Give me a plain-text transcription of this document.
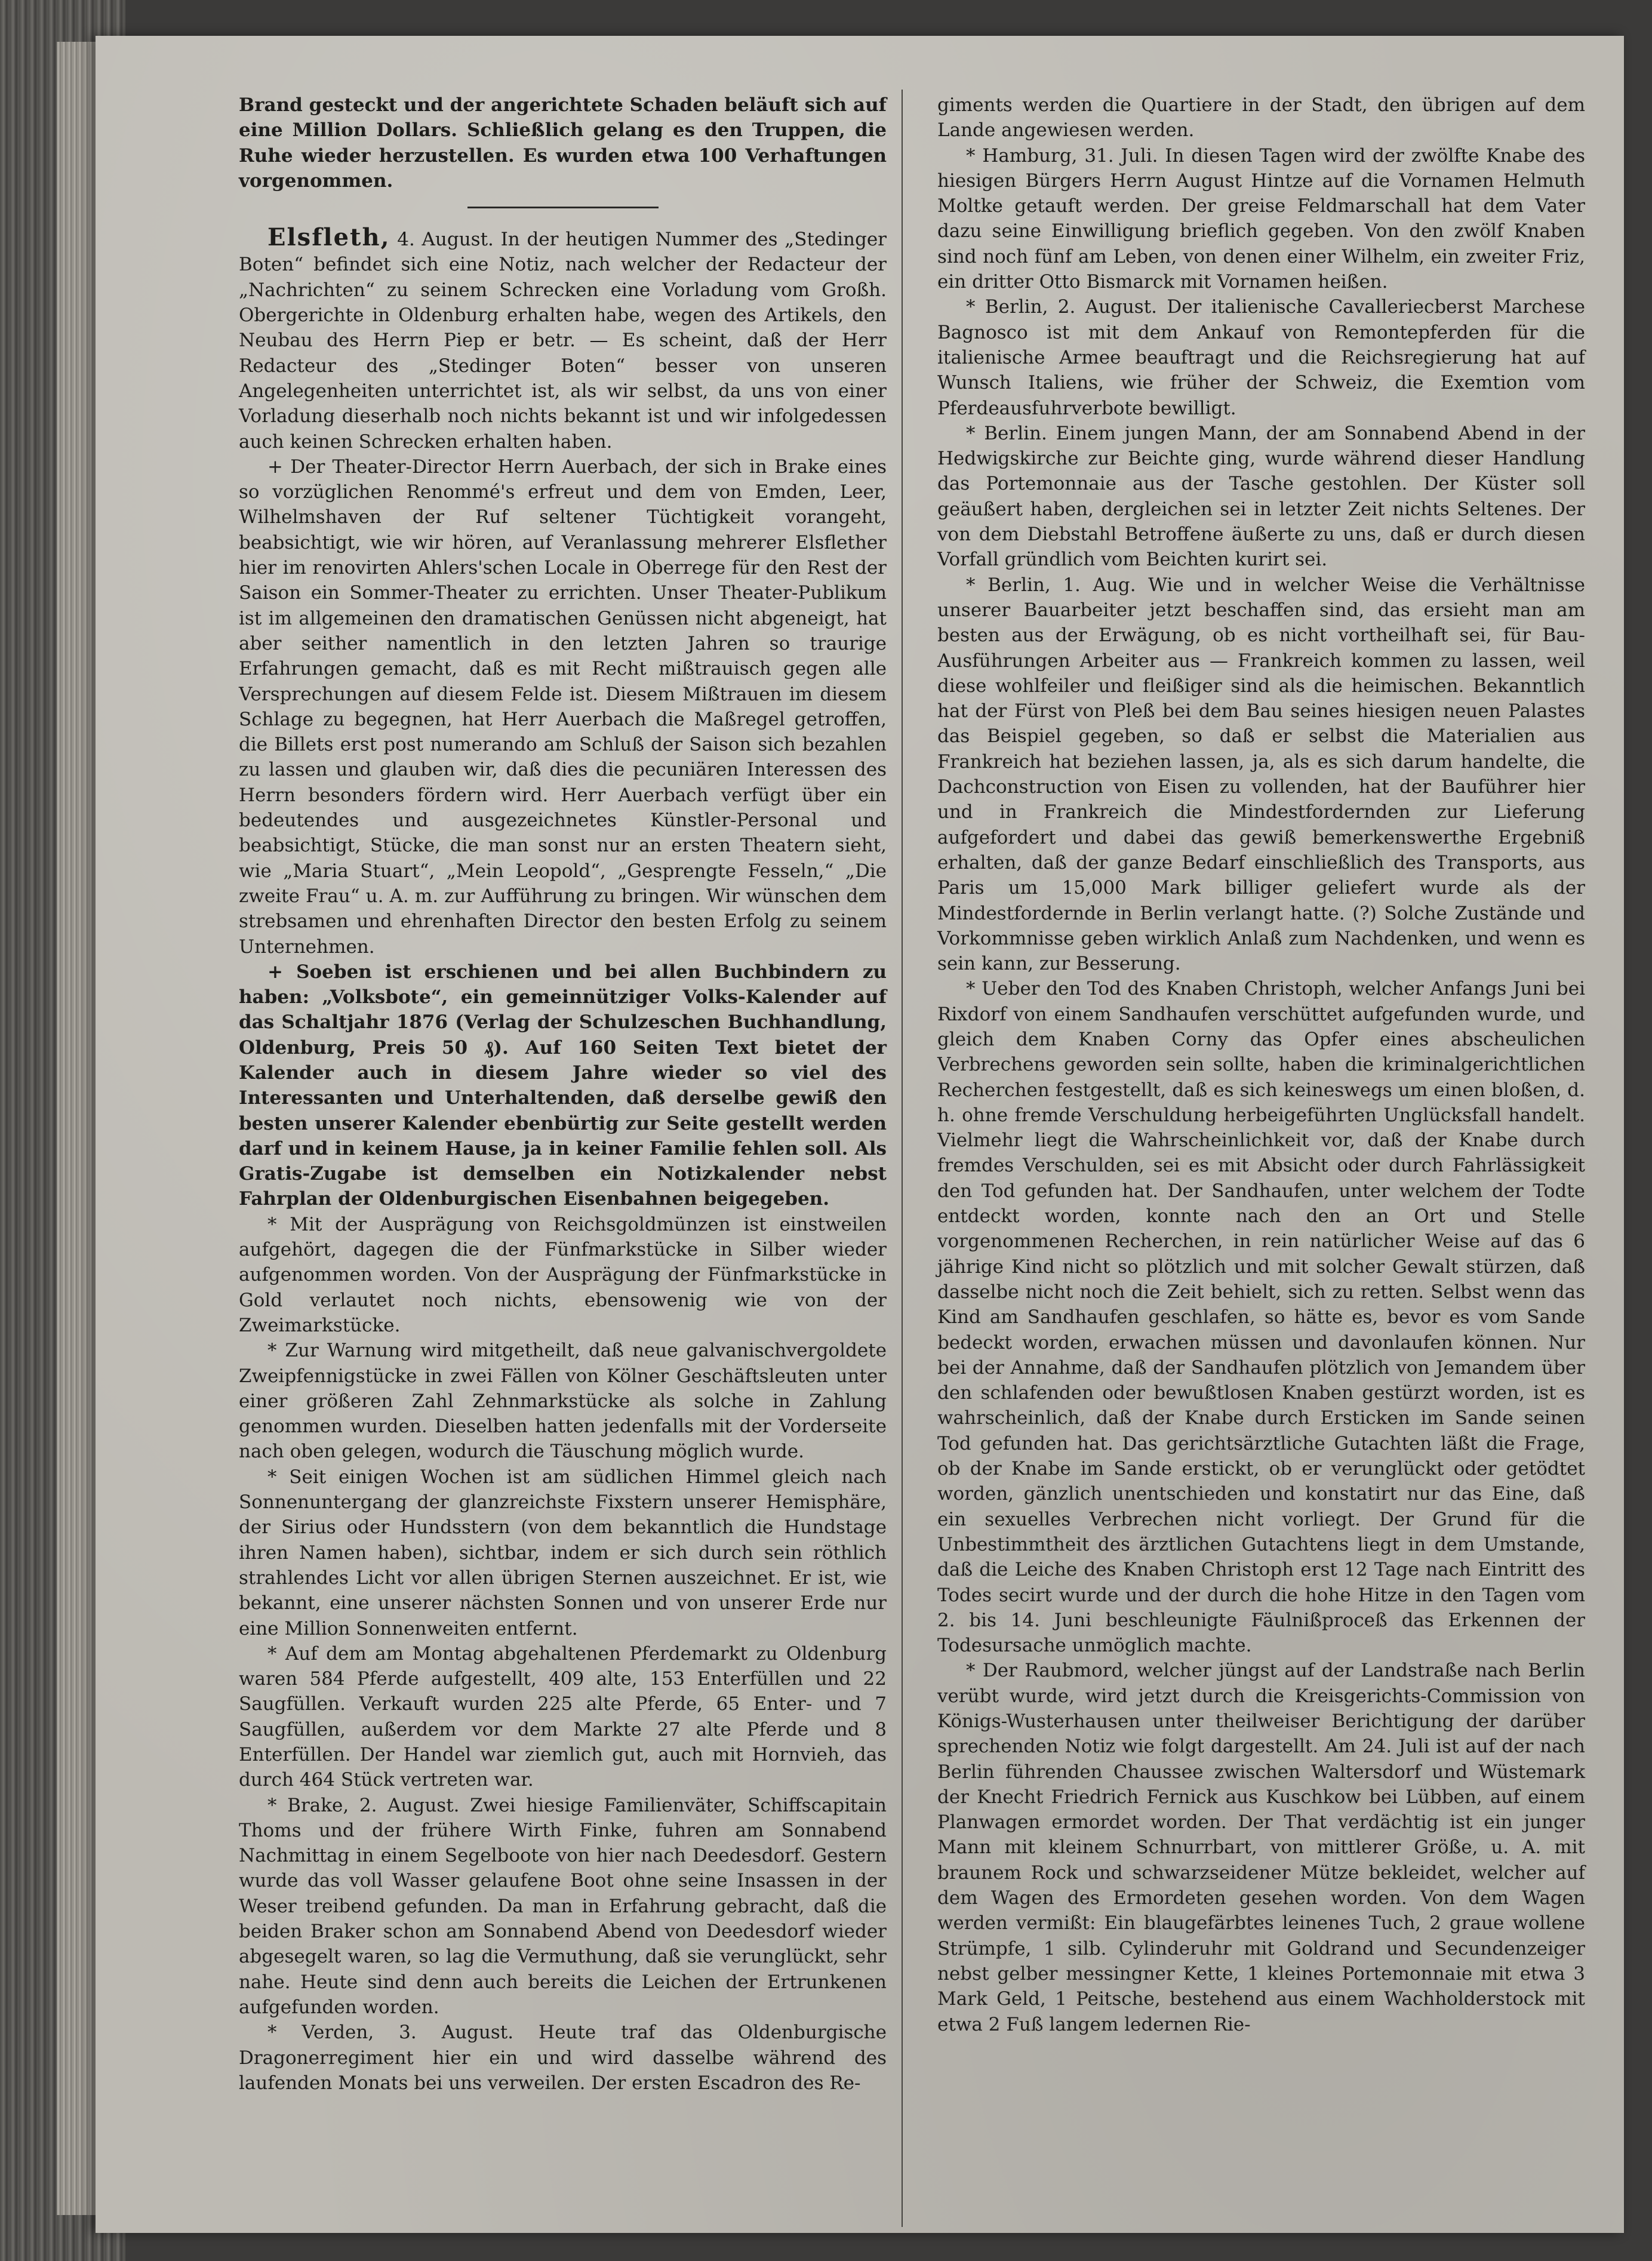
Brand gesteckt und der angerichtete Schaden beläuft sich auf eine Million Dollars. Schließlich gelang es den Truppen, die Ruhe wieder herzustellen. Es wurden etwa 100 Verhaftungen vorgenommen.

Elsfleth, 4. August. In der heutigen Nummer des „Stedinger Boten“ befindet sich eine Notiz, nach welcher der Redacteur der „Nachrichten“ zu seinem Schrecken eine Vorladung vom Großh. Obergerichte in Oldenburg erhalten habe, wegen des Artikels, den Neubau des Herrn Piep er betr. — Es scheint, daß der Herr Redacteur des „Stedinger Boten“ besser von unseren Angelegenheiten unterrichtet ist, als wir selbst, da uns von einer Vorladung dieserhalb noch nichts bekannt ist und wir infolgedessen auch keinen Schrecken erhalten haben.

+ Der Theater-Director Herrn Auerbach, der sich in Brake eines so vorzüglichen Renommé's erfreut und dem von Emden, Leer, Wilhelmshaven der Ruf seltener Tüchtigkeit vorangeht, beabsichtigt, wie wir hören, auf Veranlassung mehrerer Elsflether hier im renovirten Ahlers'schen Locale in Oberrege für den Rest der Saison ein Sommer-Theater zu errichten. Unser Theater-Publikum ist im allgemeinen den dramatischen Genüssen nicht abgeneigt, hat aber seither namentlich in den letzten Jahren so traurige Erfahrungen gemacht, daß es mit Recht mißtrauisch gegen alle Versprechungen auf diesem Felde ist. Diesem Mißtrauen im diesem Schlage zu begegnen, hat Herr Auerbach die Maßregel getroffen, die Billets erst post numerando am Schluß der Saison sich bezahlen zu lassen und glauben wir, daß dies die pecuniären Interessen des Herrn besonders fördern wird. Herr Auerbach verfügt über ein bedeutendes und ausgezeichnetes Künstler-Personal und beabsichtigt, Stücke, die man sonst nur an ersten Theatern sieht, wie „Maria Stuart“, „Mein Leopold“, „Gesprengte Fesseln,“ „Die zweite Frau“ u. A. m. zur Aufführung zu bringen. Wir wünschen dem strebsamen und ehrenhaften Director den besten Erfolg zu seinem Unternehmen.

+ Soeben ist erschienen und bei allen Buchbindern zu haben: „Volksbote“, ein gemeinnütziger Volks-Kalender auf das Schaltjahr 1876 (Verlag der Schulzeschen Buchhandlung, Oldenburg, Preis 50 ₰). Auf 160 Seiten Text bietet der Kalender auch in diesem Jahre wieder so viel des Interessanten und Unterhaltenden, daß derselbe gewiß den besten unserer Kalender ebenbürtig zur Seite gestellt werden darf und in keinem Hause, ja in keiner Familie fehlen soll. Als Gratis-Zugabe ist demselben ein Notizkalender nebst Fahrplan der Oldenburgischen Eisenbahnen beigegeben.

* Mit der Ausprägung von Reichsgoldmünzen ist einstweilen aufgehört, dagegen die der Fünfmarkstücke in Silber wieder aufgenommen worden. Von der Ausprägung der Fünfmarkstücke in Gold verlautet noch nichts, ebensowenig wie von der Zweimarkstücke.

* Zur Warnung wird mitgetheilt, daß neue galvanischvergoldete Zweipfennigstücke in zwei Fällen von Kölner Geschäftsleuten unter einer größeren Zahl Zehnmarkstücke als solche in Zahlung genommen wurden. Dieselben hatten jedenfalls mit der Vorderseite nach oben gelegen, wodurch die Täuschung möglich wurde.

* Seit einigen Wochen ist am südlichen Himmel gleich nach Sonnenuntergang der glanzreichste Fixstern unserer Hemisphäre, der Sirius oder Hundsstern (von dem bekanntlich die Hundstage ihren Namen haben), sichtbar, indem er sich durch sein röthlich strahlendes Licht vor allen übrigen Sternen auszeichnet. Er ist, wie bekannt, eine unserer nächsten Sonnen und von unserer Erde nur eine Million Sonnenweiten entfernt.

* Auf dem am Montag abgehaltenen Pferdemarkt zu Oldenburg waren 584 Pferde aufgestellt, 409 alte, 153 Enterfüllen und 22 Saugfüllen. Verkauft wurden 225 alte Pferde, 65 Enter- und 7 Saugfüllen, außerdem vor dem Markte 27 alte Pferde und 8 Enterfüllen. Der Handel war ziemlich gut, auch mit Hornvieh, das durch 464 Stück vertreten war.

* Brake, 2. August. Zwei hiesige Familienväter, Schiffscapitain Thoms und der frühere Wirth Finke, fuhren am Sonnabend Nachmittag in einem Segelboote von hier nach Deedesdorf. Gestern wurde das voll Wasser gelaufene Boot ohne seine Insassen in der Weser treibend gefunden. Da man in Erfahrung gebracht, daß die beiden Braker schon am Sonnabend Abend von Deedesdorf wieder abgesegelt waren, so lag die Vermuthung, daß sie verunglückt, sehr nahe. Heute sind denn auch bereits die Leichen der Ertrunkenen aufgefunden worden.

* Verden, 3. August. Heute traf das Oldenburgische Dragonerregiment hier ein und wird dasselbe während des laufenden Monats bei uns verweilen. Der ersten Escadron des Re-

giments werden die Quartiere in der Stadt, den übrigen auf dem Lande angewiesen werden.

* Hamburg, 31. Juli. In diesen Tagen wird der zwölfte Knabe des hiesigen Bürgers Herrn August Hintze auf die Vornamen Helmuth Moltke getauft werden. Der greise Feldmarschall hat dem Vater dazu seine Einwilligung brieflich gegeben. Von den zwölf Knaben sind noch fünf am Leben, von denen einer Wilhelm, ein zweiter Friz, ein dritter Otto Bismarck mit Vornamen heißen.

* Berlin, 2. August. Der italienische Cavalleriecberst Marchese Bagnosco ist mit dem Ankauf von Remontepferden für die italienische Armee beauftragt und die Reichsregierung hat auf Wunsch Italiens, wie früher der Schweiz, die Exemtion vom Pferdeausfuhrverbote bewilligt.

* Berlin. Einem jungen Mann, der am Sonnabend Abend in der Hedwigskirche zur Beichte ging, wurde während dieser Handlung das Portemonnaie aus der Tasche gestohlen. Der Küster soll geäußert haben, dergleichen sei in letzter Zeit nichts Seltenes. Der von dem Diebstahl Betroffene äußerte zu uns, daß er durch diesen Vorfall gründlich vom Beichten kurirt sei.

* Berlin, 1. Aug. Wie und in welcher Weise die Verhältnisse unserer Bauarbeiter jetzt beschaffen sind, das ersieht man am besten aus der Erwägung, ob es nicht vortheilhaft sei, für Bau-Ausführungen Arbeiter aus — Frankreich kommen zu lassen, weil diese wohlfeiler und fleißiger sind als die heimischen. Bekanntlich hat der Fürst von Pleß bei dem Bau seines hiesigen neuen Palastes das Beispiel gegeben, so daß er selbst die Materialien aus Frankreich hat beziehen lassen, ja, als es sich darum handelte, die Dachconstruction von Eisen zu vollenden, hat der Bauführer hier und in Frankreich die Mindestfordernden zur Lieferung aufgefordert und dabei das gewiß bemerkenswerthe Ergebniß erhalten, daß der ganze Bedarf einschließlich des Transports, aus Paris um 15,000 Mark billiger geliefert wurde als der Mindestfordernde in Berlin verlangt hatte. (?) Solche Zustände und Vorkommnisse geben wirklich Anlaß zum Nachdenken, und wenn es sein kann, zur Besserung.

* Ueber den Tod des Knaben Christoph, welcher Anfangs Juni bei Rixdorf von einem Sandhaufen verschüttet aufgefunden wurde, und gleich dem Knaben Corny das Opfer eines abscheulichen Verbrechens geworden sein sollte, haben die kriminalgerichtlichen Recherchen festgestellt, daß es sich keineswegs um einen bloßen, d. h. ohne fremde Verschuldung herbeigeführten Unglücksfall handelt. Vielmehr liegt die Wahrscheinlichkeit vor, daß der Knabe durch fremdes Verschulden, sei es mit Absicht oder durch Fahrlässigkeit den Tod gefunden hat. Der Sandhaufen, unter welchem der Todte entdeckt worden, konnte nach den an Ort und Stelle vorgenommenen Recherchen, in rein natürlicher Weise auf das 6 jährige Kind nicht so plötzlich und mit solcher Gewalt stürzen, daß dasselbe nicht noch die Zeit behielt, sich zu retten. Selbst wenn das Kind am Sandhaufen geschlafen, so hätte es, bevor es vom Sande bedeckt worden, erwachen müssen und davonlaufen können. Nur bei der Annahme, daß der Sandhaufen plötzlich von Jemandem über den schlafenden oder bewußtlosen Knaben gestürzt worden, ist es wahrscheinlich, daß der Knabe durch Ersticken im Sande seinen Tod gefunden hat. Das gerichtsärztliche Gutachten läßt die Frage, ob der Knabe im Sande erstickt, ob er verunglückt oder getödtet worden, gänzlich unentschieden und konstatirt nur das Eine, daß ein sexuelles Verbrechen nicht vorliegt. Der Grund für die Unbestimmtheit des ärztlichen Gutachtens liegt in dem Umstande, daß die Leiche des Knaben Christoph erst 12 Tage nach Eintritt des Todes secirt wurde und der durch die hohe Hitze in den Tagen vom 2. bis 14. Juni beschleunigte Fäulnißproceß das Erkennen der Todesursache unmöglich machte.

* Der Raubmord, welcher jüngst auf der Landstraße nach Berlin verübt wurde, wird jetzt durch die Kreisgerichts-Commission von Königs-Wusterhausen unter theilweiser Berichtigung der darüber sprechenden Notiz wie folgt dargestellt. Am 24. Juli ist auf der nach Berlin führenden Chaussee zwischen Waltersdorf und Wüstemark der Knecht Friedrich Fernick aus Kuschkow bei Lübben, auf einem Planwagen ermordet worden. Der That verdächtig ist ein junger Mann mit kleinem Schnurrbart, von mittlerer Größe, u. A. mit braunem Rock und schwarzseidener Mütze bekleidet, welcher auf dem Wagen des Ermordeten gesehen worden. Von dem Wagen werden vermißt: Ein blaugefärbtes leinenes Tuch, 2 graue wollene Strümpfe, 1 silb. Cylinderuhr mit Goldrand und Secundenzeiger nebst gelber messingner Kette, 1 kleines Portemonnaie mit etwa 3 Mark Geld, 1 Peitsche, bestehend aus einem Wachholderstock mit etwa 2 Fuß langem ledernen Rie-
